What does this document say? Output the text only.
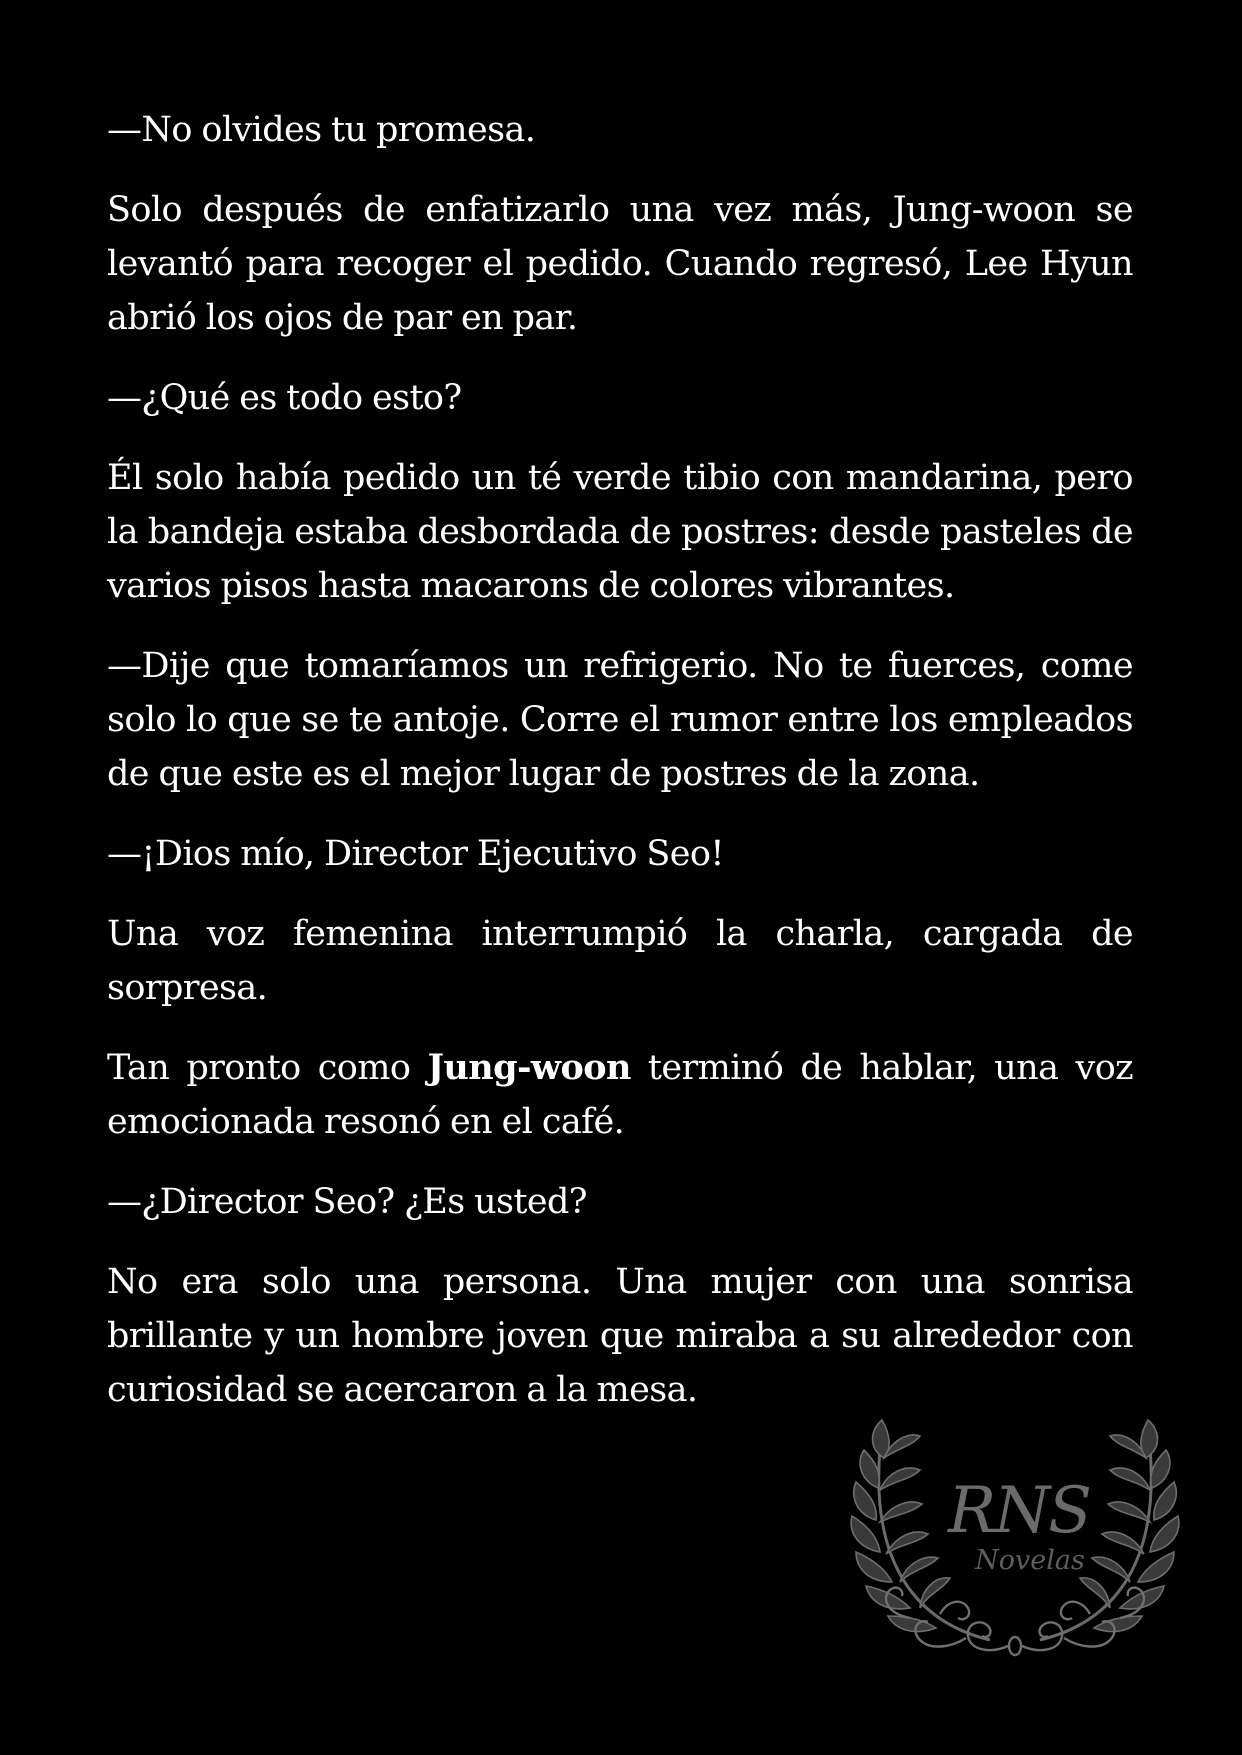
—No olvides tu promesa.

Solo después de enfatizarlo una vez más, Jung-woon se levantó para recoger el pedido. Cuando regresó, Lee Hyun abrió los ojos de par en par.

—¿Qué es todo esto?

Él solo había pedido un té verde tibio con mandarina, pero la bandeja estaba desbordada de postres: desde pasteles de varios pisos hasta macarons de colores vibrantes.

—Dije que tomaríamos un refrigerio. No te fuerces, come solo lo que se te antoje. Corre el rumor entre los empleados de que este es el mejor lugar de postres de la zona.

—¡Dios mío, Director Ejecutivo Seo!

Una voz femenina interrumpió la charla, cargada de sorpresa.

Tan pronto como Jung-woon terminó de hablar, una voz emocionada resonó en el café.

—¿Director Seo? ¿Es usted?

No era solo una persona. Una mujer con una sonrisa brillante y un hombre joven que miraba a su alrededor con curiosidad se acercaron a la mesa.

RNS
Novelas
